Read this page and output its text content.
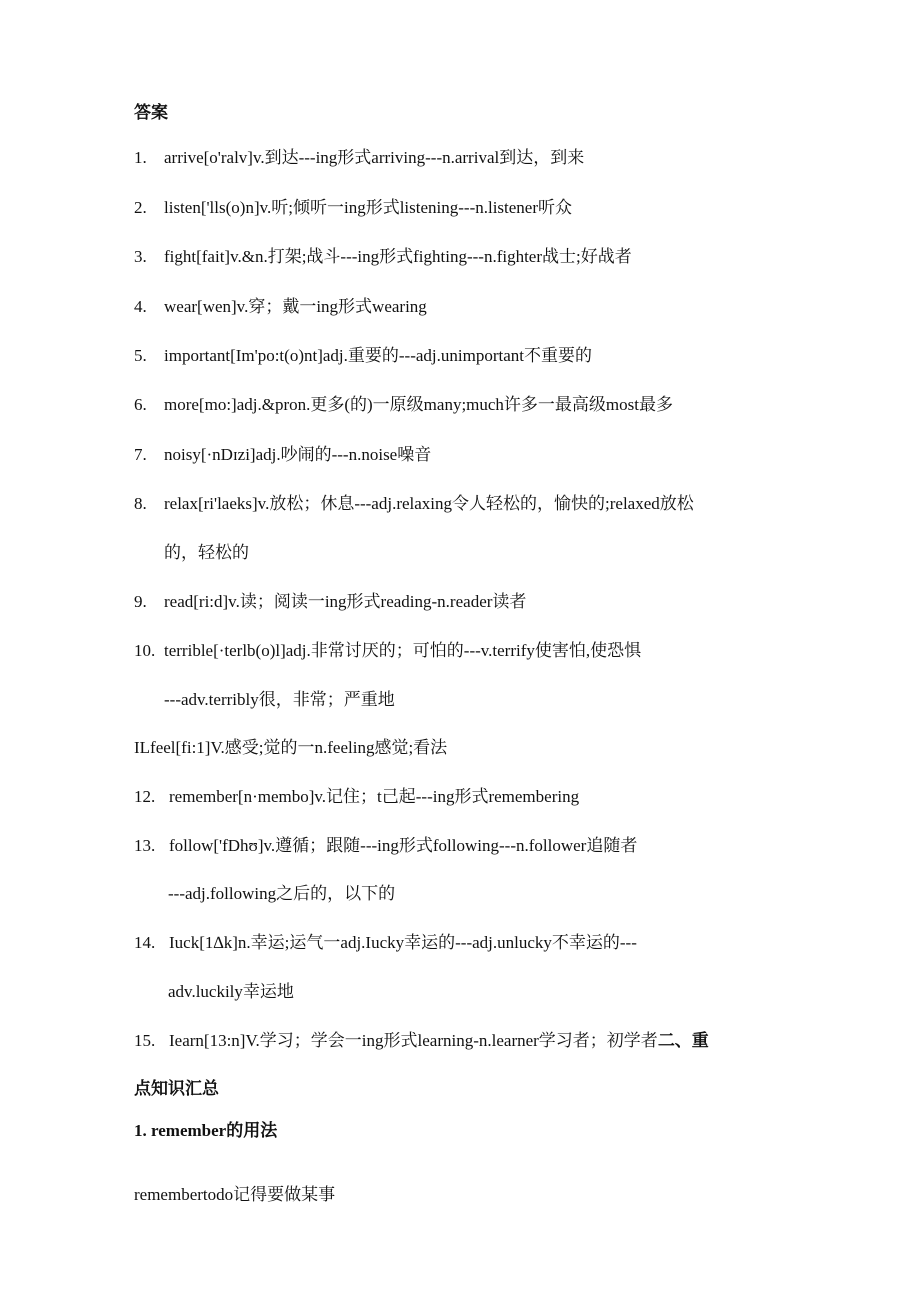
答案
1. arrive[o'ralv]v.到达---ing形式arriving---n.arrival到达，到来
2. listen['lls(o)n]v.听;倾听一ing形式listening---n.listener听众
3. fight[fait]v.&n.打架;战斗---ing形式fighting---n.fighter战士;好战者
4. wear[wen]v.穿；戴一ing形式wearing
5. important[Im'po:t(o)nt]adj.重要的---adj.unimportant不重要的
6. more[mo:]adj.&pron.更多(的)一原级many;much许多一最高级most最多
7. noisy[·nDɪzi]adj.吵闹的---n.noise噪音
8. relax[ri'laeks]v.放松；休息---adj.relaxing令人轻松的，愉快的;relaxed放松
的，轻松的
9. read[ri:d]v.读；阅读一ing形式reading-n.reader读者
10. terrible[·terlb(o)l]adj.非常讨厌的；可怕的---v.terrify使害怕,使恐惧
---adv.terribly很，非常；严重地
ILfeel[fi:1]V.感受;觉的一n.feeling感觉;看法
12. remember[n·membo]v.记住；t己起---ing形式remembering
13. follow['fDhʊ]v.遵循；跟随---ing形式following---n.follower追随者
---adj.following之后的，以下的
14. Iuck[1∆k]n.幸运;运气一adj.Iucky幸运的---adj.unlucky不幸运的---
adv.luckily幸运地
15. Iearn[13:n]V.学习；学会一ing形式learning-n.learner学习者；初学者二、重
点知识汇总
1. remember的用法
remembertodo记得要做某事
